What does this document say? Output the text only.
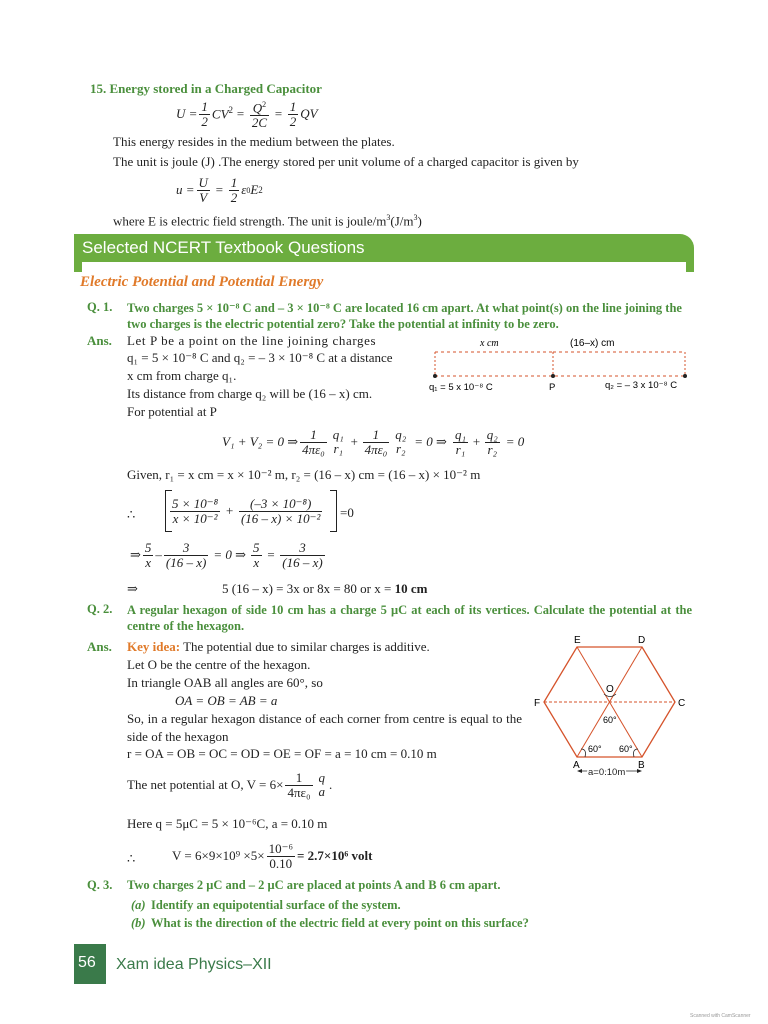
15. Energy stored in a Charged Capacitor
$U = \frac{1}{2} CV^2 = \frac{Q^2}{2C} = \frac{1}{2}$ QV
This energy resides in the medium between the plates.
The unit is joule (J) .The energy stored per unit volume of a charged capacitor is given by
$u = \frac{U}{V} = \frac{1}{2}$ ε 0 E 2
where E is electric field strength. The unit is joule/$m^3(J/m^3)$
Selected NCERT Textbook Questions
Electric Potential and Potential Energy
Q. 1. Two charges 5 × 10⁻⁸ C and – 3 × 10⁻⁸ C are located 16 cm apart. At what point(s) on the line joining the two charges is the electric potential zero? Take the potential at infinity to be zero.
Ans. Let P be a point on the line joining charges
q₁ = 5 × 10⁻⁸ C and q₂ = – 3 × 10⁻⁸ C at a distance
x cm from charge q₁.
Its distance from charge q₂ will be (16 – x) cm.
For potential at P
x cm	(16–x) cm
q₁ = 5 x 10⁻⁸ C	P	q₂ = – 3 x 10⁻⁸ C
V₁ + V₂ = 0 ⇒ $\frac{1}{\text{4πε₀}} q_1$
$r_1 + \frac{1}{\text{4πε₀}} q_2$
r₂ = 0 ⇒ $\frac{\text{q₁}}{\text{r₁}} + \frac{\text{q₂}}{\text{r₂}} = 0$
Given, r₁ = x cm = x × 10⁻² m, r₂ = (16 – x) cm = (16 – x) × 10⁻² m
∴	$\frac{\text{5 × 10⁻⁸}}{\text{x × 10⁻²}} + \frac{\text{(–3 × 10⁻⁸)}}{\text{(16 – x) × 10⁻²}} =0$
⇒ $\frac{5}{x} - \frac{3}{(16 - x)} = 0$ ⇒ $\frac{5}{x} = \frac{3}{(16 - x)}$
⇒	5 (16 – x) = 3x or 8x = 80 or x = 10 cm
Q. 2. A regular hexagon of side 10 cm has a charge 5 μC at each of its vertices. Calculate the potential at the centre of the hexagon.
Ans. Key idea: The potential due to similar charges is additive.
Let O be the centre of the hexagon.
In triangle OAB all angles are 60°, so
OA = OB = AB = a
So, in a regular hexagon distance of each corner from centre is equal to the side of the hexagon
r = OA = OB = OC = OD = OE = OF = a = 10 cm = 0.10 m
The net potential at O, $V = 6\times \frac{1}{\text{4πε₀}}$ q
a .
Here q = 5μC = 5 × 10⁻⁶C, a = 0.10 m
∴	$V = 6\times 9\times 10^9 \times 5\times \frac{\text{10⁻⁶}}{0.10} = 2.7\times 10^6$ volt
E	D
F	C
O
A	B
60°
60° 60°
a=0.10m
Q. 3. Two charges 2 μC and – 2 μC are placed at points A and B 6 cm apart.
(a) Identify an equipotential surface of the system.
(b) What is the direction of the electric field at every point on this surface?
56 Xam idea Physics–XII
Scanned with CamScanner
